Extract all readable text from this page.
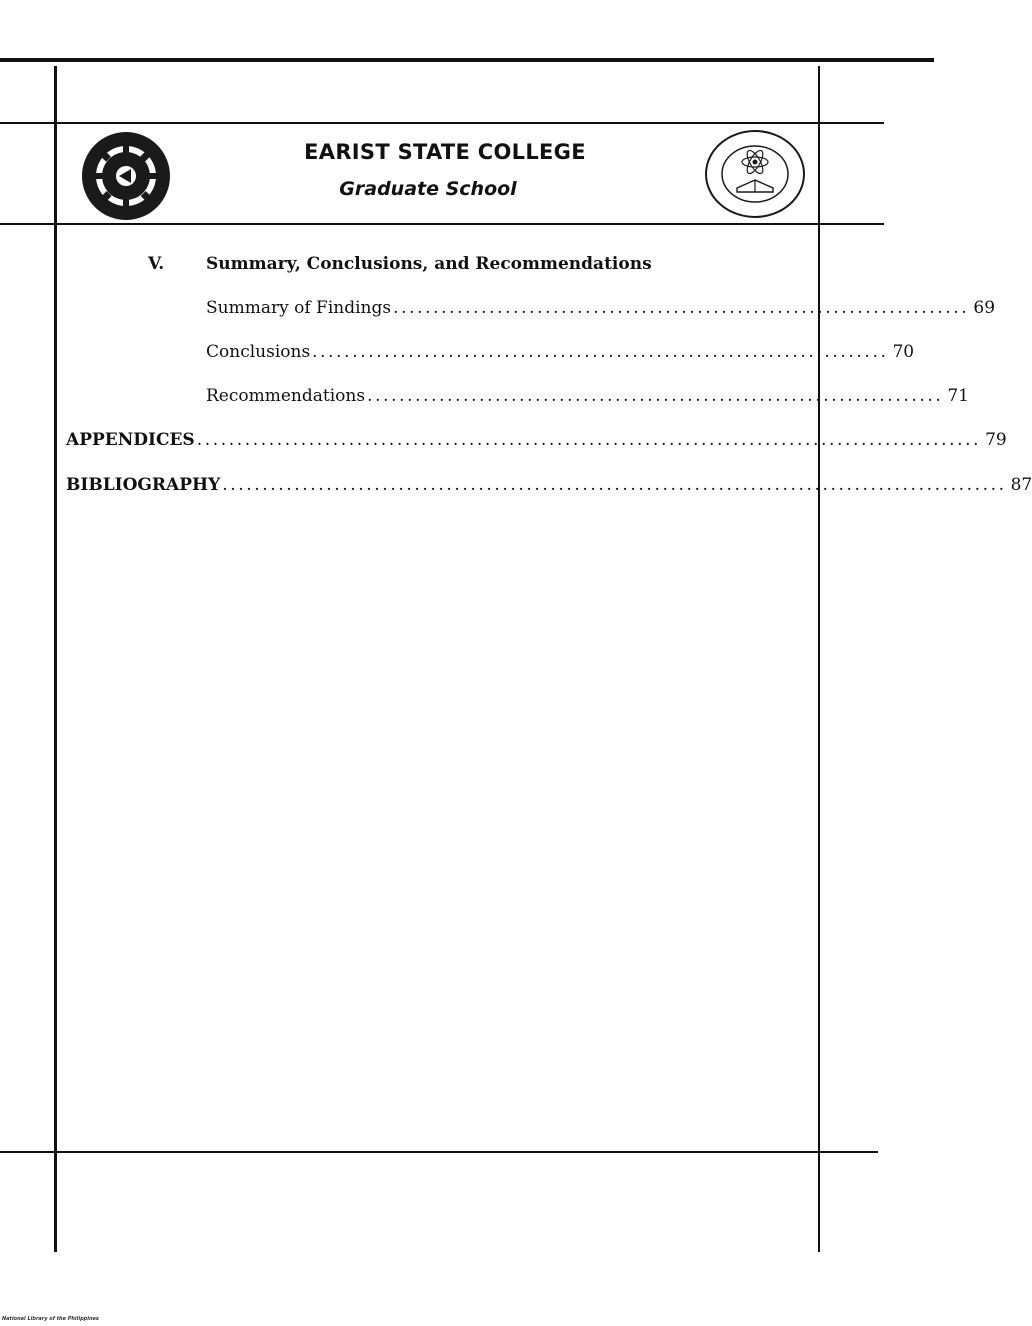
EARIST STATE COLLEGE
Graduate School
V. Summary, Conclusions, and Recommendations
Summary of Findings ........................................................................ 69
Conclusions ........................................................................ 70
Recommendations ........................................................................ 71
APPENDICES .................................................................................................. 79
BIBLIOGRAPHY .................................................................................................. 87
National Library of the Philippines
